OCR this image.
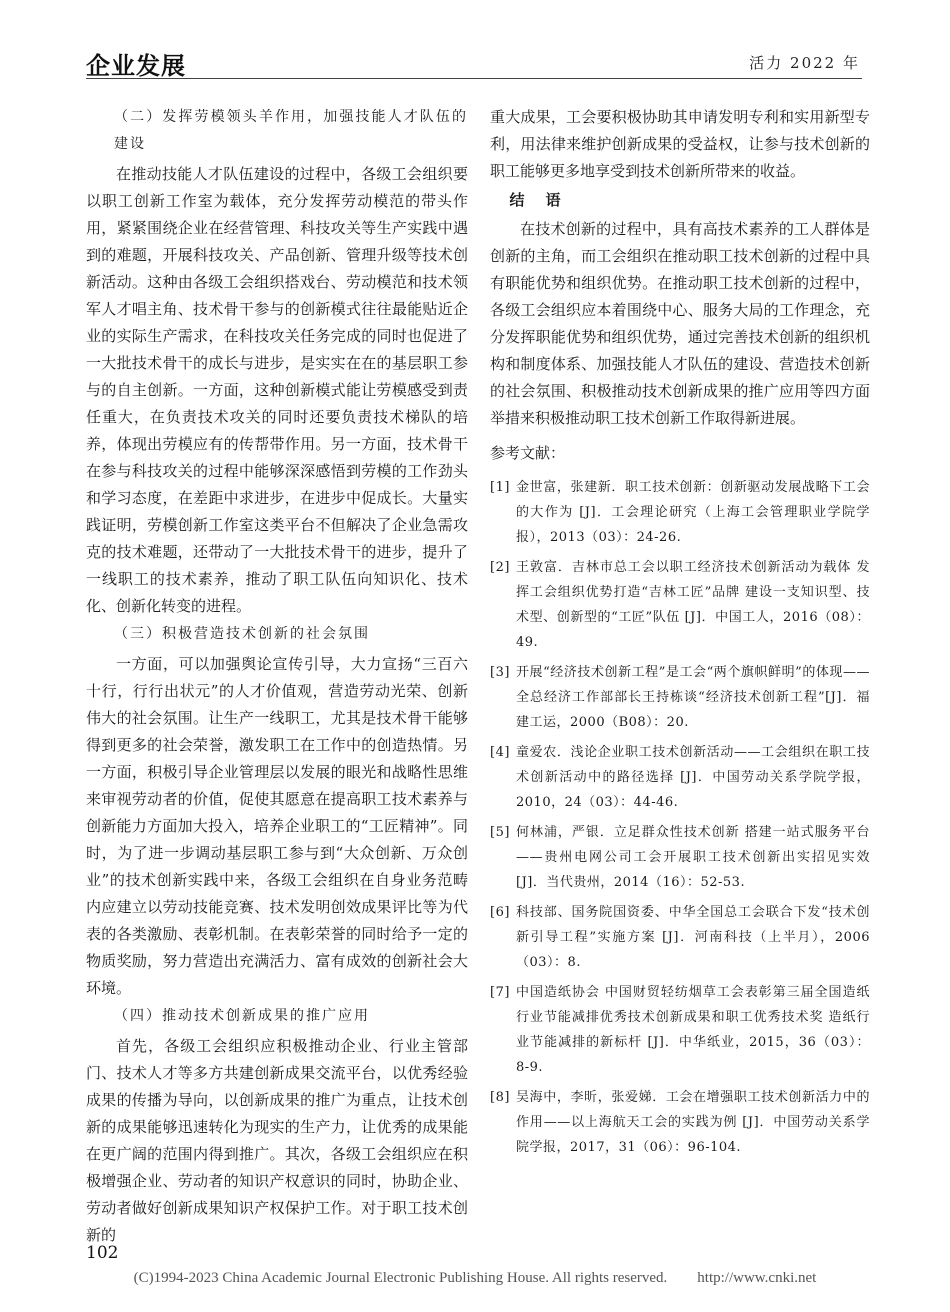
企业发展	活力 2022 年
（二）发挥劳模领头羊作用，加强技能人才队伍的建设

在推动技能人才队伍建设的过程中，各级工会组织要以职工创新工作室为载体，充分发挥劳动模范的带头作用，紧紧围绕企业在经营管理、科技攻关等生产实践中遇到的难题，开展科技攻关、产品创新、管理升级等技术创新活动。这种由各级工会组织搭戏台、劳动模范和技术领军人才唱主角、技术骨干参与的创新模式往往最能贴近企业的实际生产需求，在科技攻关任务完成的同时也促进了一大批技术骨干的成长与进步，是实实在在的基层职工参与的自主创新。一方面，这种创新模式能让劳模感受到责任重大，在负责技术攻关的同时还要负责技术梯队的培养，体现出劳模应有的传帮带作用。另一方面，技术骨干在参与科技攻关的过程中能够深深感悟到劳模的工作劲头和学习态度，在差距中求进步，在进步中促成长。大量实践证明，劳模创新工作室这类平台不但解决了企业急需攻克的技术难题，还带动了一大批技术骨干的进步，提升了一线职工的技术素养，推动了职工队伍向知识化、技术化、创新化转变的进程。

（三）积极营造技术创新的社会氛围

一方面，可以加强舆论宣传引导，大力宣扬“三百六十行，行行出状元”的人才价值观，营造劳动光荣、创新伟大的社会氛围。让生产一线职工，尤其是技术骨干能够得到更多的社会荣誉，激发职工在工作中的创造热情。另一方面，积极引导企业管理层以发展的眼光和战略性思维来审视劳动者的价值，促使其愿意在提高职工技术素养与创新能力方面加大投入，培养企业职工的“工匠精神”。同时，为了进一步调动基层职工参与到“大众创新、万众创业”的技术创新实践中来，各级工会组织在自身业务范畴内应建立以劳动技能竞赛、技术发明创效成果评比等为代表的各类激励、表彰机制。在表彰荣誉的同时给予一定的物质奖励，努力营造出充满活力、富有成效的创新社会大环境。

（四）推动技术创新成果的推广应用

首先，各级工会组织应积极推动企业、行业主管部门、技术人才等多方共建创新成果交流平台，以优秀经验成果的传播为导向，以创新成果的推广为重点，让技术创新的成果能够迅速转化为现实的生产力，让优秀的成果能在更广阔的范围内得到推广。其次，各级工会组织应在积极增强企业、劳动者的知识产权意识的同时，协助企业、劳动者做好创新成果知识产权保护工作。对于职工技术创新的

重大成果，工会要积极协助其申请发明专利和实用新型专利，用法律来维护创新成果的受益权，让参与技术创新的职工能够更多地享受到技术创新所带来的收益。

结　语

在技术创新的过程中，具有高技术素养的工人群体是创新的主角，而工会组织在推动职工技术创新的过程中具有职能优势和组织优势。在推动职工技术创新的过程中，各级工会组织应本着围绕中心、服务大局的工作理念，充分发挥职能优势和组织优势，通过完善技术创新的组织机构和制度体系、加强技能人才队伍的建设、营造技术创新的社会氛围、积极推动技术创新成果的推广应用等四方面举措来积极推动职工技术创新工作取得新进展。

参考文献：
[1] 金世富，张建新．职工技术创新：创新驱动发展战略下工会的大作为 [J]．工会理论研究（上海工会管理职业学院学报），2013（03）：24-26.
[2] 王敦富．吉林市总工会以职工经济技术创新活动为载体 发挥工会组织优势打造“吉林工匠”品牌 建设一支知识型、技术型、创新型的“工匠”队伍 [J]．中国工人，2016（08）：49.
[3] 开展“经济技术创新工程”是工会“两个旗帜鲜明”的体现——全总经济工作部部长王持栋谈“经济技术创新工程”[J]．福建工运，2000（B08）：20.
[4] 童爱农．浅论企业职工技术创新活动——工会组织在职工技术创新活动中的路径选择 [J]．中国劳动关系学院学报，2010，24（03）：44-46.
[5] 何林浦，严银．立足群众性技术创新 搭建一站式服务平台——贵州电网公司工会开展职工技术创新出实招见实效 [J]．当代贵州，2014（16）：52-53.
[6] 科技部、国务院国资委、中华全国总工会联合下发“技术创新引导工程”实施方案 [J]．河南科技（上半月），2006（03）：8.
[7] 中国造纸协会 中国财贸轻纺烟草工会表彰第三届全国造纸行业节能减排优秀技术创新成果和职工优秀技术奖 造纸行业节能减排的新标杆 [J]．中华纸业，2015，36（03）：8-9.
[8] 吴海中，李昕，张爱娣．工会在增强职工技术创新活力中的作用——以上海航天工会的实践为例 [J]．中国劳动关系学院学报，2017，31（06）：96-104.
102
(C)1994-2023 China Academic Journal Electronic Publishing House. All rights reserved.　　http://www.cnki.net
